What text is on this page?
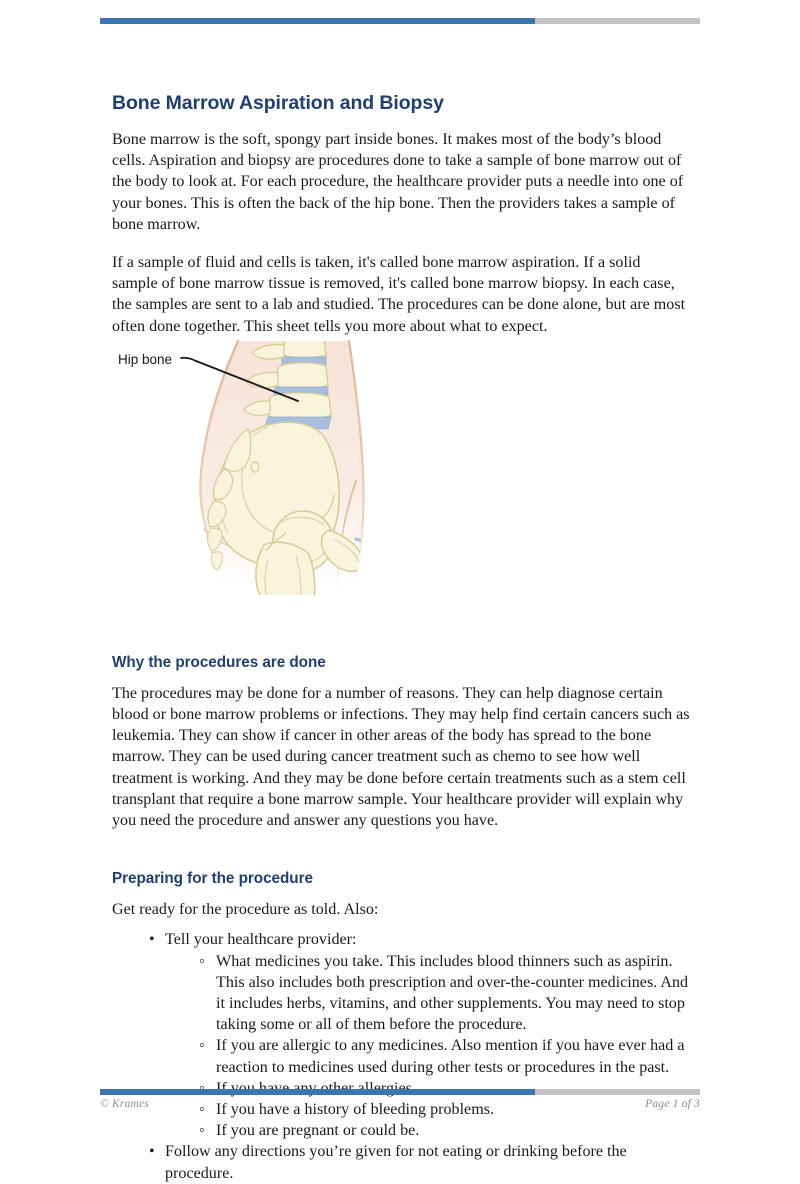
Bone Marrow Aspiration and Biopsy

Bone marrow is the soft, spongy part inside bones. It makes most of the body’s blood cells. Aspiration and biopsy are procedures done to take a sample of bone marrow out of the body to look at. For each procedure, the healthcare provider puts a needle into one of your bones. This is often the back of the hip bone. Then the providers takes a sample of bone marrow.

If a sample of fluid and cells is taken, it's called bone marrow aspiration. If a solid sample of bone marrow tissue is removed, it's called bone marrow biopsy. In each case, the samples are sent to a lab and studied. The procedures can be done alone, but are most often done together. This sheet tells you more about what to expect.

Why the procedures are done

The procedures may be done for a number of reasons. They can help diagnose certain blood or bone marrow problems or infections. They may help find certain cancers such as leukemia. They can show if cancer in other areas of the body has spread to the bone marrow. They can be used during cancer treatment such as chemo to see how well treatment is working. And they may be done before certain treatments such as a stem cell transplant that require a bone marrow sample. Your healthcare provider will explain why you need the procedure and answer any questions you have.

Preparing for the procedure

Get ready for the procedure as told. Also:

• Tell your healthcare provider:
◦ What medicines you take. This includes blood thinners such as aspirin. This also includes both prescription and over-the-counter medicines. And it includes herbs, vitamins, and other supplements. You may need to stop taking some or all of them before the procedure.
◦ If you are allergic to any medicines. Also mention if you have ever had a reaction to medicines used during other tests or procedures in the past.
◦ If you have a history of bleeding problems.
◦ If you are pregnant or could be.
• Follow any directions you’re given for not eating or drinking before the procedure.
Hip bone
© Krames	Page 1 of 3
